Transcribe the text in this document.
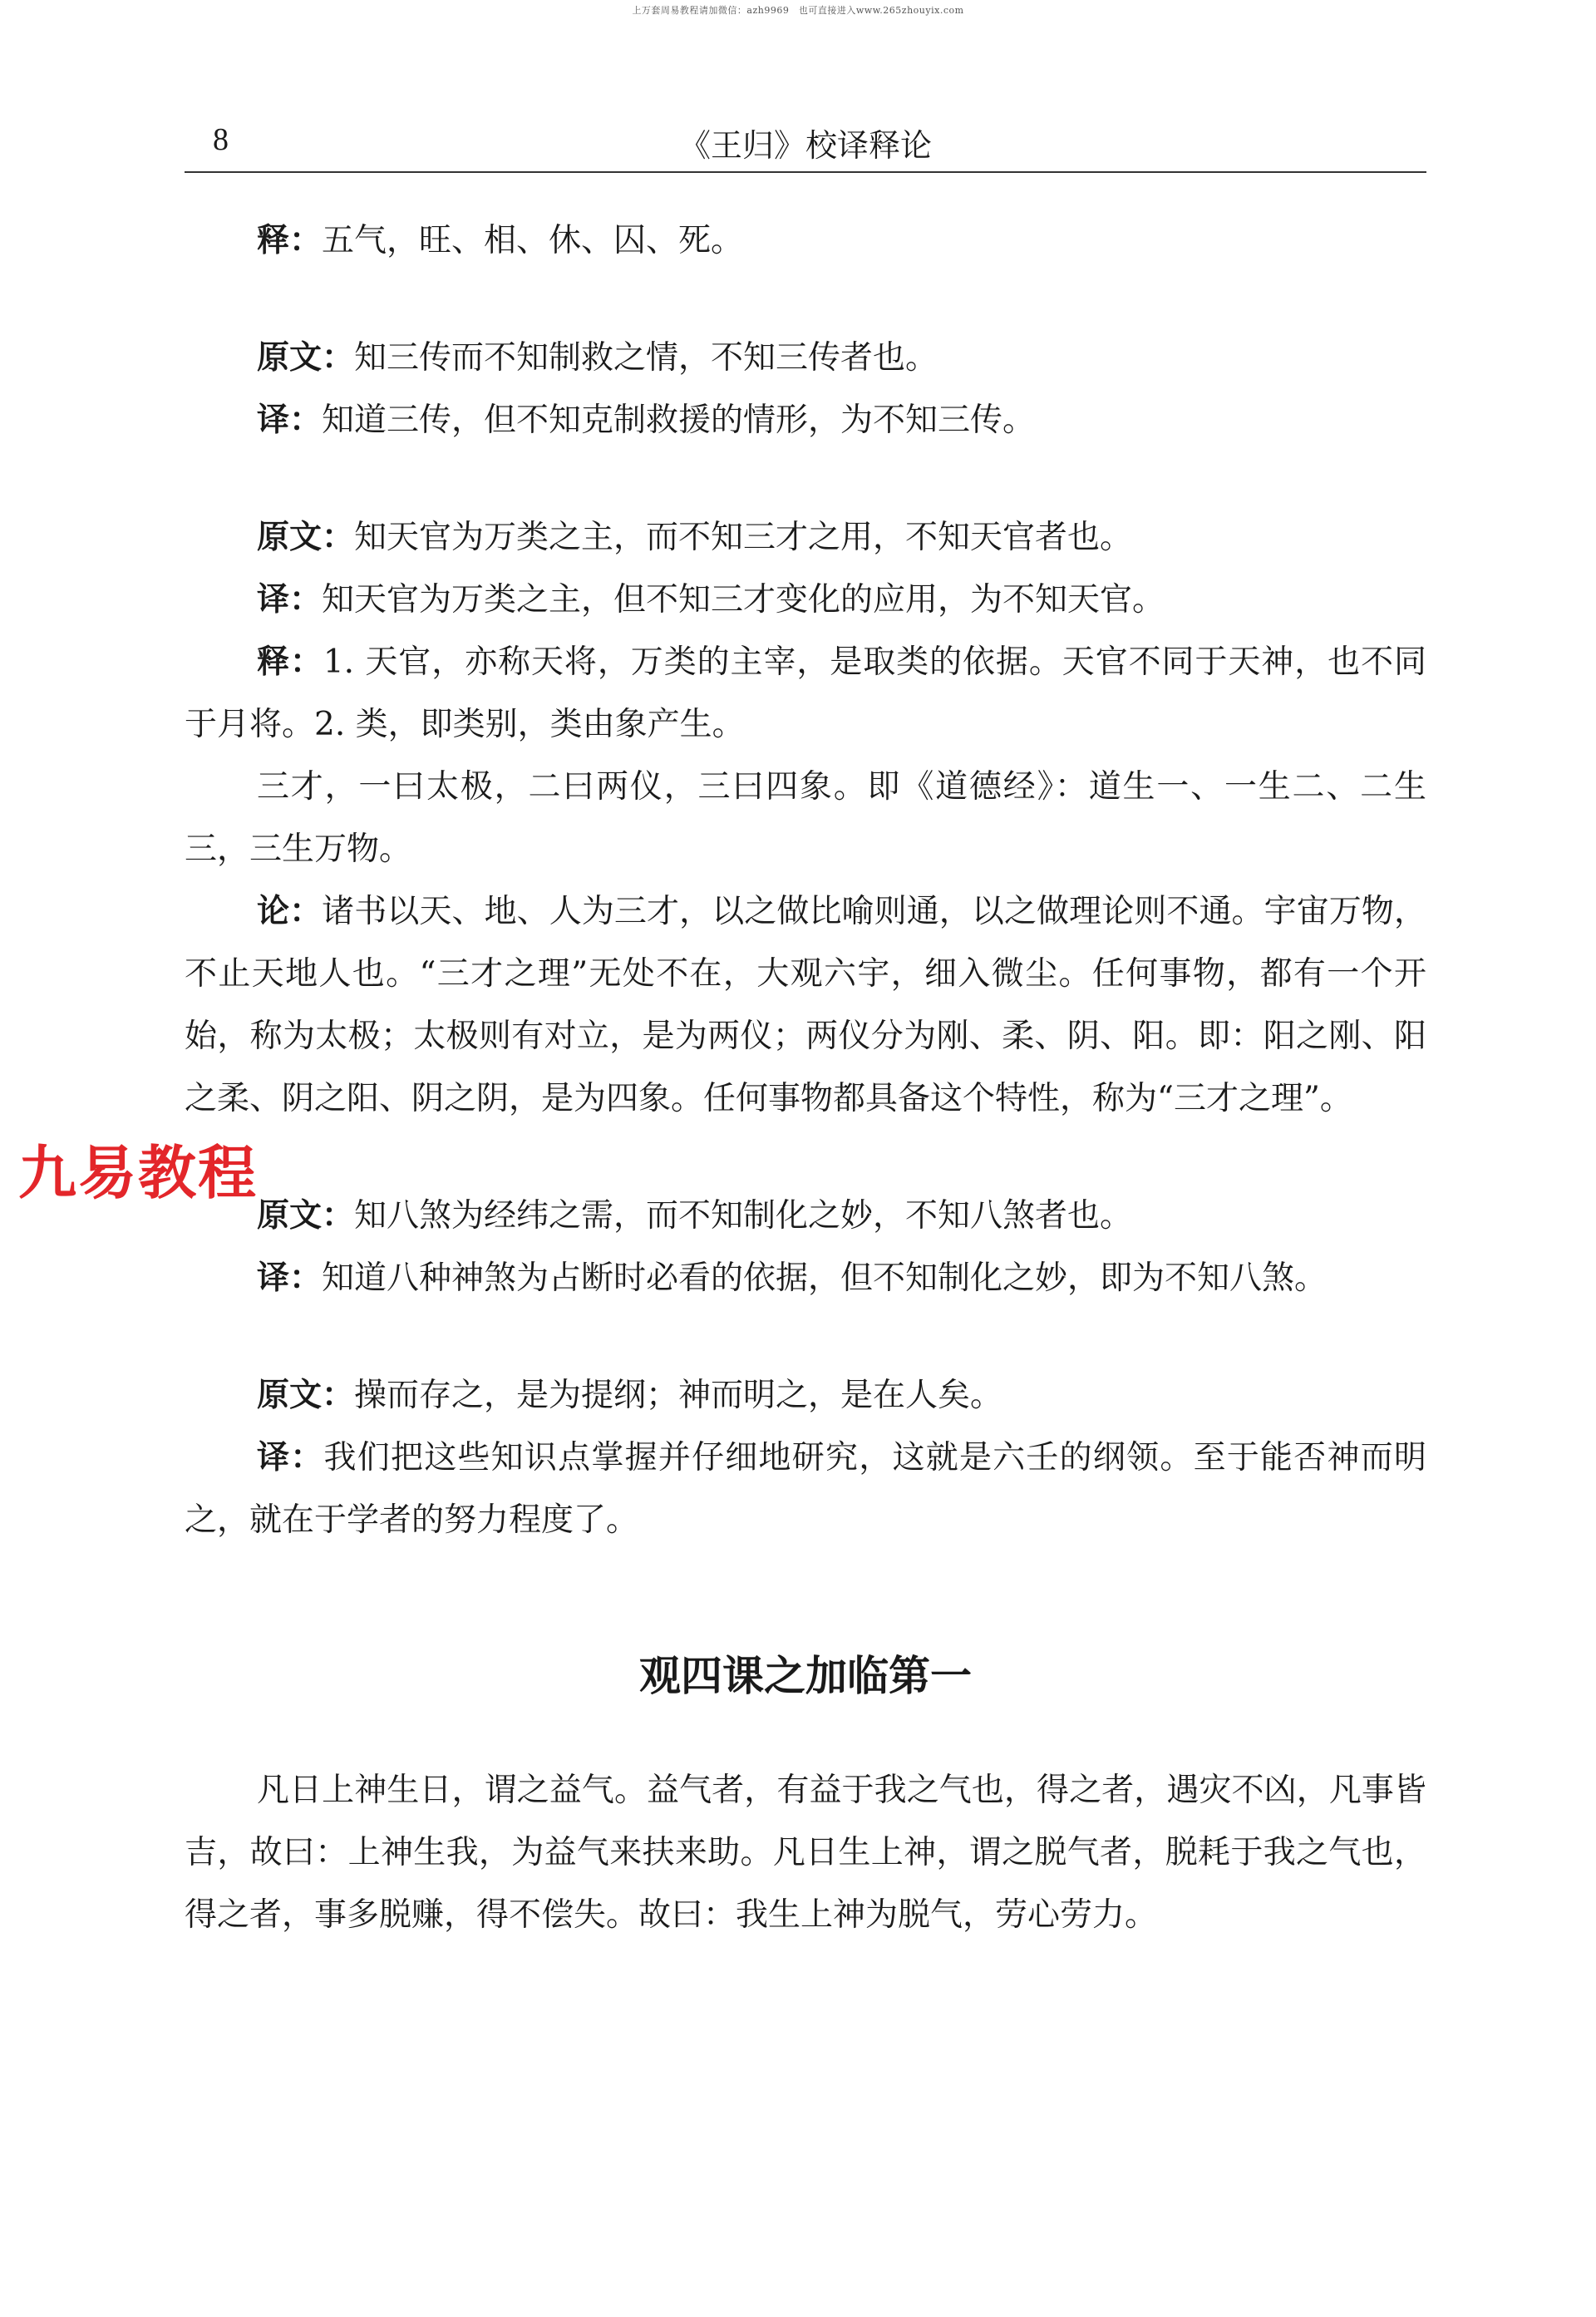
上万套周易教程请加微信：azh9969　也可直接进入www.265zhouyix.com
8	《王归》校译释论

释：五气，旺、相、休、囚、死。

原文：知三传而不知制救之情，不知三传者也。

译：知道三传，但不知克制救援的情形，为不知三传。

原文：知天官为万类之主，而不知三才之用，不知天官者也。

译：知天官为万类之主，但不知三才变化的应用，为不知天官。

释：1. 天官，亦称天将，万类的主宰，是取类的依据。天官不同于天神，也不同于月将。2. 类，即类别，类由象产生。

三才，一曰太极，二曰两仪，三曰四象。即《道德经》：道生一、一生二、二生三，三生万物。

论：诸书以天、地、人为三才，以之做比喻则通，以之做理论则不通。宇宙万物，不止天地人也。“三才之理”无处不在，大观六宇，细入微尘。任何事物，都有一个开始，称为太极；太极则有对立，是为两仪；两仪分为刚、柔、阴、阳。即：阳之刚、阳之柔、阴之阳、阴之阴，是为四象。任何事物都具备这个特性，称为“三才之理”。

原文：知八煞为经纬之需，而不知制化之妙，不知八煞者也。

译：知道八种神煞为占断时必看的依据，但不知制化之妙，即为不知八煞。

原文：操而存之，是为提纲；神而明之，是在人矣。

译：我们把这些知识点掌握并仔细地研究，这就是六壬的纲领。至于能否神而明之，就在于学者的努力程度了。

观四课之加临第一

凡日上神生日，谓之益气。益气者，有益于我之气也，得之者，遇灾不凶，凡事皆吉，故曰：上神生我，为益气来扶来助。凡日生上神，谓之脱气者，脱耗于我之气也，得之者，事多脱赚，得不偿失。故曰：我生上神为脱气，劳心劳力。

九易教程
